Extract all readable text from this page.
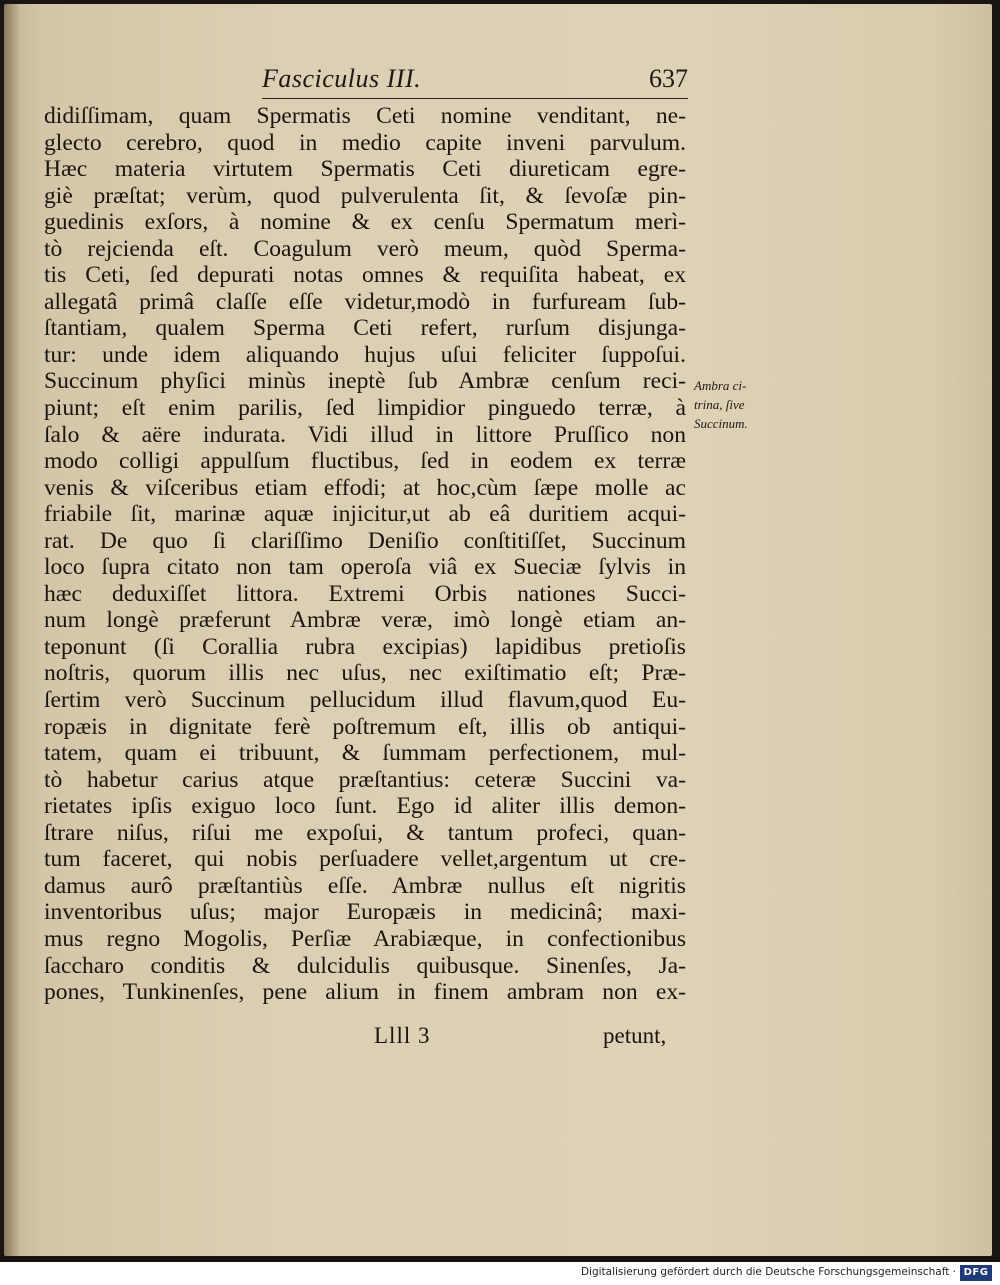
Fasciculus III.	637
didiſſimam, quam Spermatis Ceti nomine venditant, ne-
glecto cerebro, quod in medio capite inveni parvulum.
Hæc materia virtutem Spermatis Ceti diureticam egre-
giè præſtat; verùm, quod pulverulenta ſit, & ſevoſæ pin-
guedinis exſors, à nomine & ex cenſu Spermatum merì-
tò rejcienda eſt. Coagulum verò meum, quòd Sperma-
tis Ceti, ſed depurati notas omnes & requiſita habeat, ex
allegatâ primâ claſſe eſſe videtur,modò in furfuream ſub-
ſtantiam, qualem Sperma Ceti refert, rurſum disjunga-
tur: unde idem aliquando hujus uſui feliciter ſuppoſui.
Succinum phyſici minùs ineptè ſub Ambræ cenſum reci-
piunt; eſt enim parilis, ſed limpidior pinguedo terræ, à
ſalo & aëre indurata. Vidi illud in littore Pruſſico non
modo colligi appulſum fluctibus, ſed in eodem ex terræ
venis & viſceribus etiam effodi; at hoc,cùm ſæpe molle ac
friabile ſit, marinæ aquæ injicitur,ut ab eâ duritiem acqui-
rat. De quo ſi clariſſimo Deniſio conſtitiſſet, Succinum
loco ſupra citato non tam operoſa viâ ex Sueciæ ſylvis in
hæc deduxiſſet littora. Extremi Orbis nationes Succi-
num longè præferunt Ambræ veræ, imò longè etiam an-
teponunt (ſi Corallia rubra excipias) lapidibus pretioſis
noſtris, quorum illis nec uſus, nec exiſtimatio eſt; Præ-
ſertim verò Succinum pellucidum illud flavum,quod Eu-
ropæis in dignitate ferè poſtremum eſt, illis ob antiqui-
tatem, quam ei tribuunt, & ſummam perfectionem, mul-
tò habetur carius atque præſtantius: ceteræ Succini va-
rietates ipſis exiguo loco ſunt. Ego id aliter illis demon-
ſtrare niſus, riſui me expoſui, & tantum profeci, quan-
tum faceret, qui nobis perſuadere vellet,argentum ut cre-
damus aurô præſtantiùs eſſe. Ambræ nullus eſt nigritis
inventoribus uſus; major Europæis in medicinâ; maxi-
mus regno Mogolis, Perſiæ Arabiæque, in confectionibus
ſaccharo conditis & dulcidulis quibusque. Sinenſes, Ja-
pones, Tunkinenſes, pene alium in finem ambram non ex-
Ambra ci-
trina, ſive
Succinum.
Llll 3	petunt,
Digitalisierung gefördert durch die Deutsche Forschungsgemeinschaft · DFG
